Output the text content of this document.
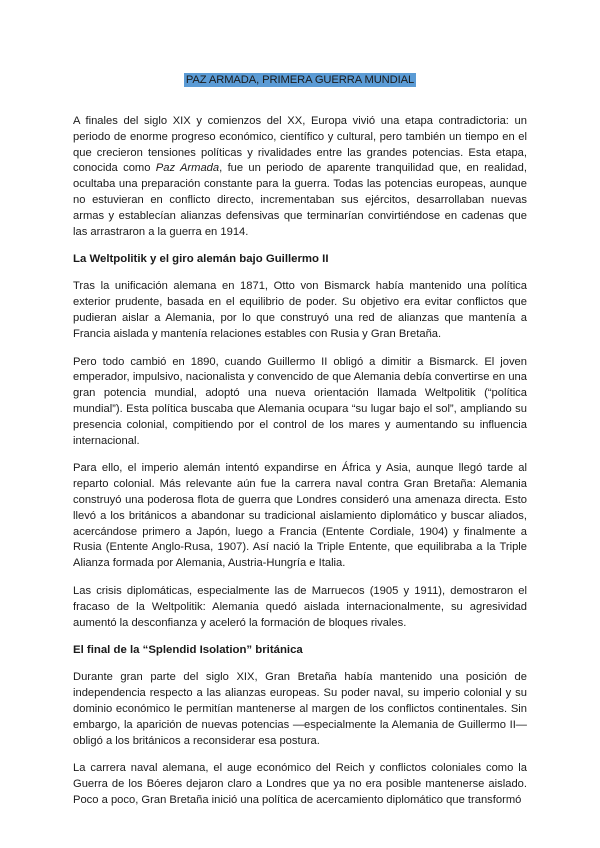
PAZ ARMADA, PRIMERA GUERRA MUNDIAL

A finales del siglo XIX y comienzos del XX, Europa vivió una etapa contradictoria: un periodo de enorme progreso económico, científico y cultural, pero también un tiempo en el que crecieron tensiones políticas y rivalidades entre las grandes potencias. Esta etapa, conocida como Paz Armada, fue un periodo de aparente tranquilidad que, en realidad, ocultaba una preparación constante para la guerra. Todas las potencias europeas, aunque no estuvieran en conflicto directo, incrementaban sus ejércitos, desarrollaban nuevas armas y establecían alianzas defensivas que terminarían convirtiéndose en cadenas que las arrastraron a la guerra en 1914.

La Weltpolitik y el giro alemán bajo Guillermo II

Tras la unificación alemana en 1871, Otto von Bismarck había mantenido una política exterior prudente, basada en el equilibrio de poder. Su objetivo era evitar conflictos que pudieran aislar a Alemania, por lo que construyó una red de alianzas que mantenía a Francia aislada y mantenía relaciones estables con Rusia y Gran Bretaña.

Pero todo cambió en 1890, cuando Guillermo II obligó a dimitir a Bismarck. El joven emperador, impulsivo, nacionalista y convencido de que Alemania debía convertirse en una gran potencia mundial, adoptó una nueva orientación llamada Weltpolitik (“política mundial”). Esta política buscaba que Alemania ocupara “su lugar bajo el sol”, ampliando su presencia colonial, compitiendo por el control de los mares y aumentando su influencia internacional.

Para ello, el imperio alemán intentó expandirse en África y Asia, aunque llegó tarde al reparto colonial. Más relevante aún fue la carrera naval contra Gran Bretaña: Alemania construyó una poderosa flota de guerra que Londres consideró una amenaza directa. Esto llevó a los británicos a abandonar su tradicional aislamiento diplomático y buscar aliados, acercándose primero a Japón, luego a Francia (Entente Cordiale, 1904) y finalmente a Rusia (Entente Anglo-Rusa, 1907). Así nació la Triple Entente, que equilibraba a la Triple Alianza formada por Alemania, Austria-Hungría e Italia.

Las crisis diplomáticas, especialmente las de Marruecos (1905 y 1911), demostraron el fracaso de la Weltpolitik: Alemania quedó aislada internacionalmente, su agresividad aumentó la desconfianza y aceleró la formación de bloques rivales.

El final de la “Splendid Isolation” británica

Durante gran parte del siglo XIX, Gran Bretaña había mantenido una posición de independencia respecto a las alianzas europeas. Su poder naval, su imperio colonial y su dominio económico le permitían mantenerse al margen de los conflictos continentales. Sin embargo, la aparición de nuevas potencias —especialmente la Alemania de Guillermo II— obligó a los británicos a reconsiderar esa postura.

La carrera naval alemana, el auge económico del Reich y conflictos coloniales como la Guerra de los Bóeres dejaron claro a Londres que ya no era posible mantenerse aislado. Poco a poco, Gran Bretaña inició una política de acercamiento diplomático que transformó
